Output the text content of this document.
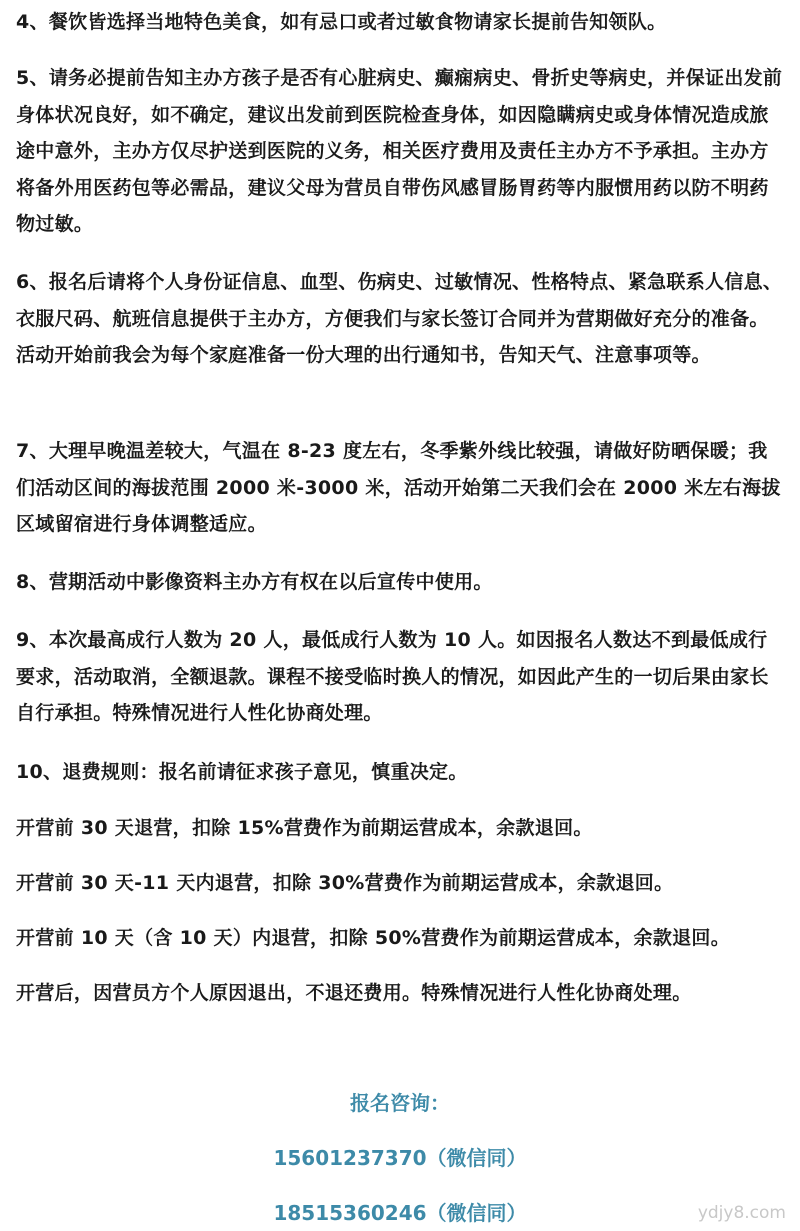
4、餐饮皆选择当地特色美食，如有忌口或者过敏食物请家长提前告知领队。

5、请务必提前告知主办方孩子是否有心脏病史、癫痫病史、骨折史等病史，并保证出发前身体状况良好，如不确定，建议出发前到医院检查身体，如因隐瞒病史或身体情况造成旅途中意外，主办方仅尽护送到医院的义务，相关医疗费用及责任主办方不予承担。主办方将备外用医药包等必需品，建议父母为营员自带伤风感冒肠胃药等内服惯用药以防不明药物过敏。

6、报名后请将个人身份证信息、血型、伤病史、过敏情况、性格特点、紧急联系人信息、衣服尺码、航班信息提供于主办方，方便我们与家长签订合同并为营期做好充分的准备。活动开始前我会为每个家庭准备一份大理的出行通知书，告知天气、注意事项等。

7、大理早晚温差较大，气温在 8-23 度左右，冬季紫外线比较强，请做好防晒保暖；我们活动区间的海拔范围 2000 米-3000 米，活动开始第二天我们会在 2000 米左右海拔区域留宿进行身体调整适应。

8、营期活动中影像资料主办方有权在以后宣传中使用。

9、本次最高成行人数为 20 人，最低成行人数为 10 人。如因报名人数达不到最低成行要求，活动取消，全额退款。课程不接受临时换人的情况，如因此产生的一切后果由家长自行承担。特殊情况进行人性化协商处理。

10、退费规则：报名前请征求孩子意见，慎重决定。

开营前 30 天退营，扣除 15%营费作为前期运营成本，余款退回。

开营前 30 天-11 天内退营，扣除 30%营费作为前期运营成本，余款退回。

开营前 10 天（含 10 天）内退营，扣除 50%营费作为前期运营成本，余款退回。

开营后，因营员方个人原因退出，不退还费用。特殊情况进行人性化协商处理。

报名咨询：

15601237370（微信同）

18515360246（微信同）	ydjy8.com
